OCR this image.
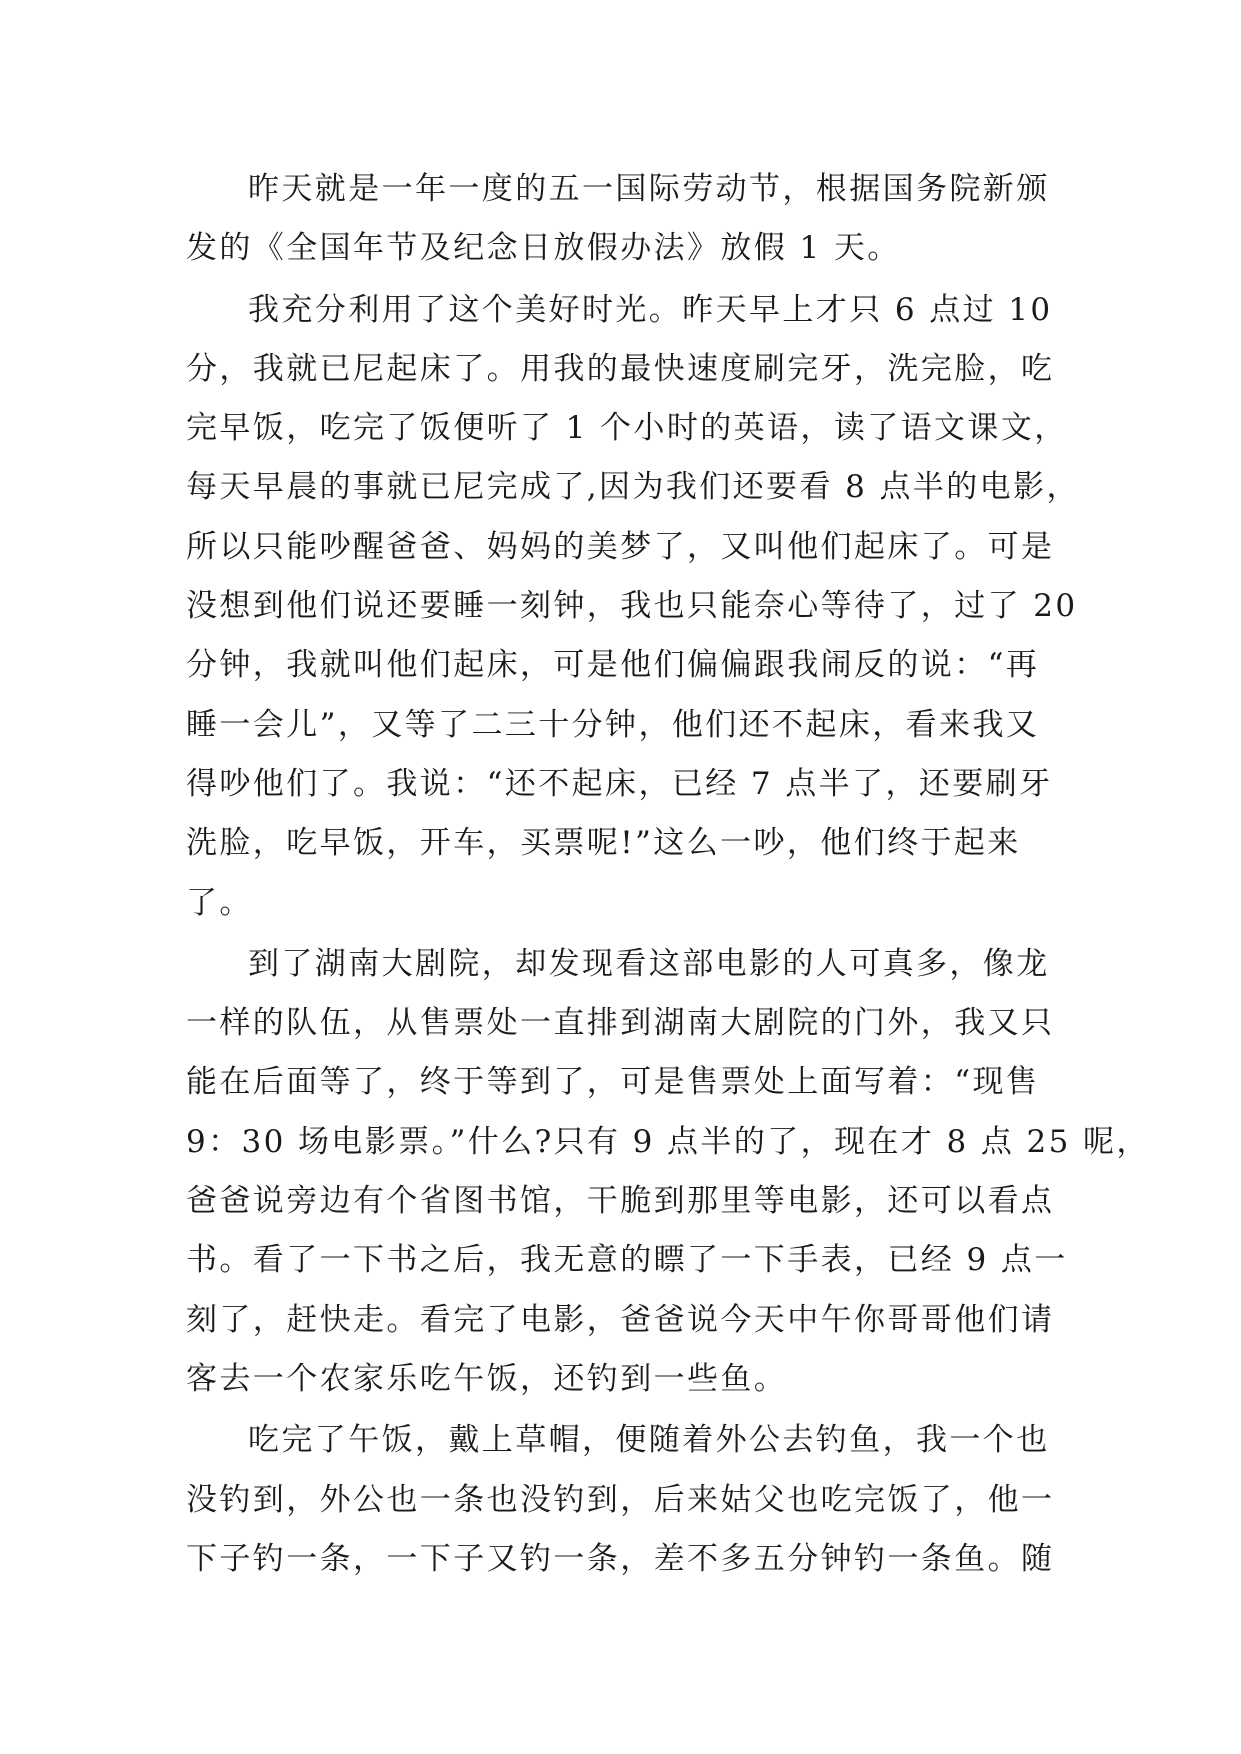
昨天就是一年一度的五一国际劳动节，根据国务院新颁
发的《全国年节及纪念日放假办法》放假 1 天。
我充分利用了这个美好时光。昨天早上才只 6 点过 10
分，我就已尼起床了。用我的最快速度刷完牙，洗完脸，吃
完早饭，吃完了饭便听了 1 个小时的英语，读了语文课文，
每天早晨的事就已尼完成了,因为我们还要看 8 点半的电影，
所以只能吵醒爸爸、妈妈的美梦了，又叫他们起床了。可是
没想到他们说还要睡一刻钟，我也只能奈心等待了，过了 20
分钟，我就叫他们起床，可是他们偏偏跟我闹反的说：“再
睡一会儿”，又等了二三十分钟，他们还不起床，看来我又
得吵他们了。我说：“还不起床，已经 7 点半了，还要刷牙
洗脸，吃早饭，开车，买票呢!”这么一吵，他们终于起来
了。
到了湖南大剧院，却发现看这部电影的人可真多，像龙
一样的队伍，从售票处一直排到湖南大剧院的门外，我又只
能在后面等了，终于等到了，可是售票处上面写着：“现售
9：30 场电影票。”什么?只有 9 点半的了，现在才 8 点 25 呢，
爸爸说旁边有个省图书馆，干脆到那里等电影，还可以看点
书。看了一下书之后，我无意的瞟了一下手表，已经 9 点一
刻了，赶快走。看完了电影，爸爸说今天中午你哥哥他们请
客去一个农家乐吃午饭，还钓到一些鱼。
吃完了午饭，戴上草帽，便随着外公去钓鱼，我一个也
没钓到，外公也一条也没钓到，后来姑父也吃完饭了，他一
下子钓一条，一下子又钓一条，差不多五分钟钓一条鱼。随
